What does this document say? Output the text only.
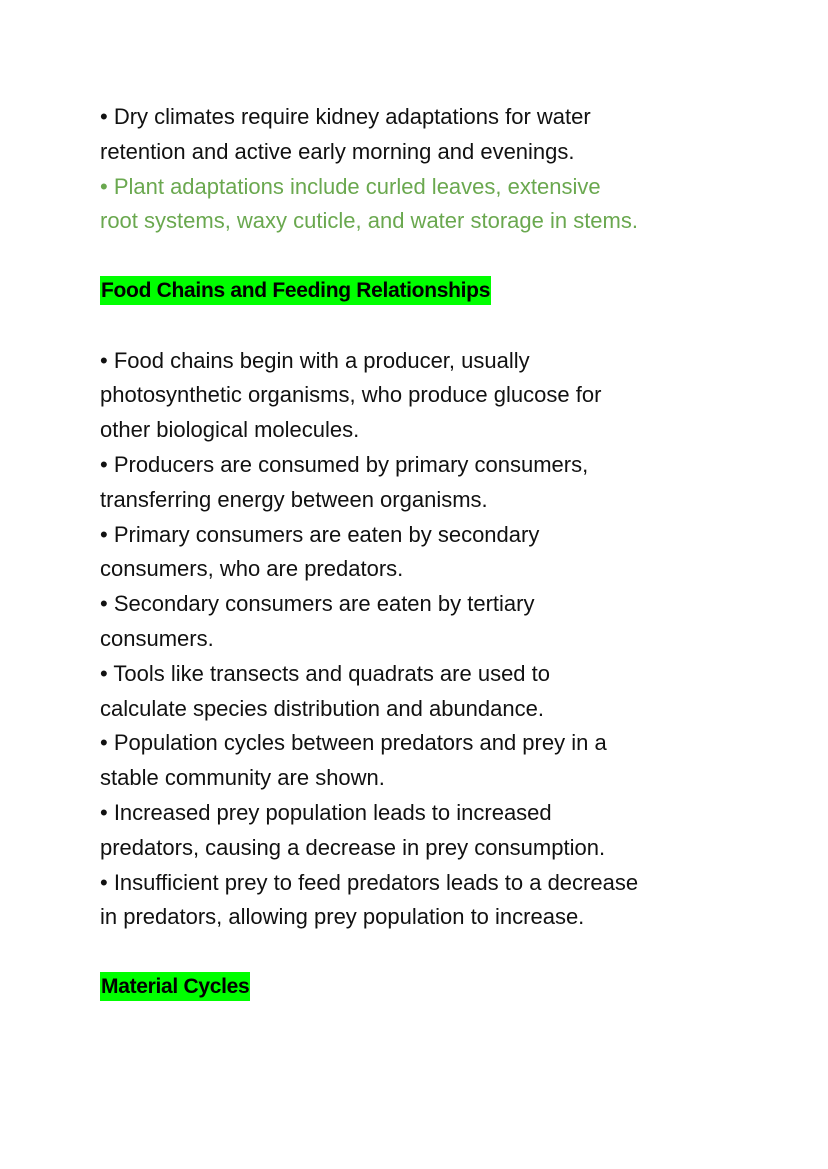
• Dry climates require kidney adaptations for water
retention and active early morning and evenings.
• Plant adaptations include curled leaves, extensive
root systems, waxy cuticle, and water storage in stems.
Food Chains and Feeding Relationships
• Food chains begin with a producer, usually
photosynthetic organisms, who produce glucose for
other biological molecules.
• Producers are consumed by primary consumers,
transferring energy between organisms.
• Primary consumers are eaten by secondary
consumers, who are predators.
• Secondary consumers are eaten by tertiary
consumers.
• Tools like transects and quadrats are used to
calculate species distribution and abundance.
• Population cycles between predators and prey in a
stable community are shown.
• Increased prey population leads to increased
predators, causing a decrease in prey consumption.
• Insufficient prey to feed predators leads to a decrease
in predators, allowing prey population to increase.
Material Cycles
